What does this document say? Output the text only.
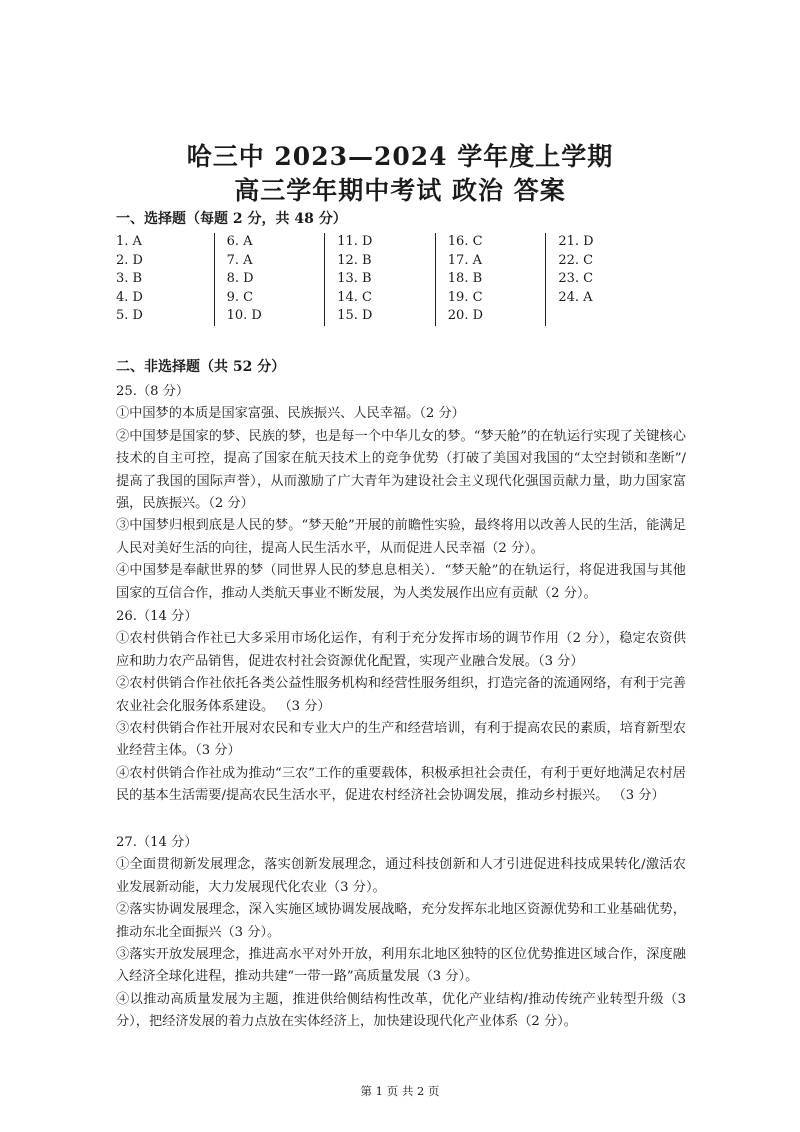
哈三中 2023—2024 学年度上学期
高三学年期中考试 政治 答案
一、选择题（每题 2 分，共 48 分）
1. A
2. D
3. B
4. D
5. D
6. A
7. A
8. D
9. C
10. D
11. D
12. B
13. B
14. C
15. D
16. C
17. A
18. B
19. C
20. D
21. D
22. C
23. C
24. A

二、非选择题（共 52 分）
25.（8 分）
①中国梦的本质是国家富强、民族振兴、人民幸福。（2 分）
②中国梦是国家的梦、民族的梦，也是每一个中华儿女的梦。“梦天舱”的在轨运行实现了关键核心技术的自主可控，提高了国家在航天技术上的竞争优势（打破了美国对我国的“太空封锁和垄断”/提高了我国的国际声誉），从而激励了广大青年为建设社会主义现代化强国贡献力量，助力国家富强，民族振兴。（2 分）
③中国梦归根到底是人民的梦。“梦天舱”开展的前瞻性实验，最终将用以改善人民的生活，能满足人民对美好生活的向往，提高人民生活水平，从而促进人民幸福（2 分）。
④中国梦是奉献世界的梦（同世界人民的梦息息相关）．“梦天舱”的在轨运行，将促进我国与其他国家的互信合作，推动人类航天事业不断发展，为人类发展作出应有贡献（2 分）。
26.（14 分）
①农村供销合作社已大多采用市场化运作，有利于充分发挥市场的调节作用（2 分），稳定农资供应和助力农产品销售，促进农村社会资源优化配置，实现产业融合发展。（3 分）
②农村供销合作社依托各类公益性服务机构和经营性服务组织，打造完备的流通网络，有利于完善农业社会化服务体系建设。 （3 分）
③农村供销合作社开展对农民和专业大户的生产和经营培训，有利于提高农民的素质，培育新型农业经营主体。（3 分）
④农村供销合作社成为推动“三农”工作的重要载体，积极承担社会责任，有利于更好地满足农村居民的基本生活需要/提高农民生活水平，促进农村经济社会协调发展，推动乡村振兴。 （3 分）
27.（14 分）
①全面贯彻新发展理念，落实创新发展理念，通过科技创新和人才引进促进科技成果转化/激活农业发展新动能，大力发展现代化农业（3 分）。
②落实协调发展理念，深入实施区域协调发展战略，充分发挥东北地区资源优势和工业基础优势，推动东北全面振兴（3 分）。
③落实开放发展理念，推进高水平对外开放，利用东北地区独特的区位优势推进区域合作，深度融入经济全球化进程，推动共建“一带一路”高质量发展（3 分）。
④以推动高质量发展为主题，推进供给侧结构性改革，优化产业结构/推动传统产业转型升级（3 分），把经济发展的着力点放在实体经济上，加快建设现代化产业体系（2 分）。
第 1 页 共 2 页
